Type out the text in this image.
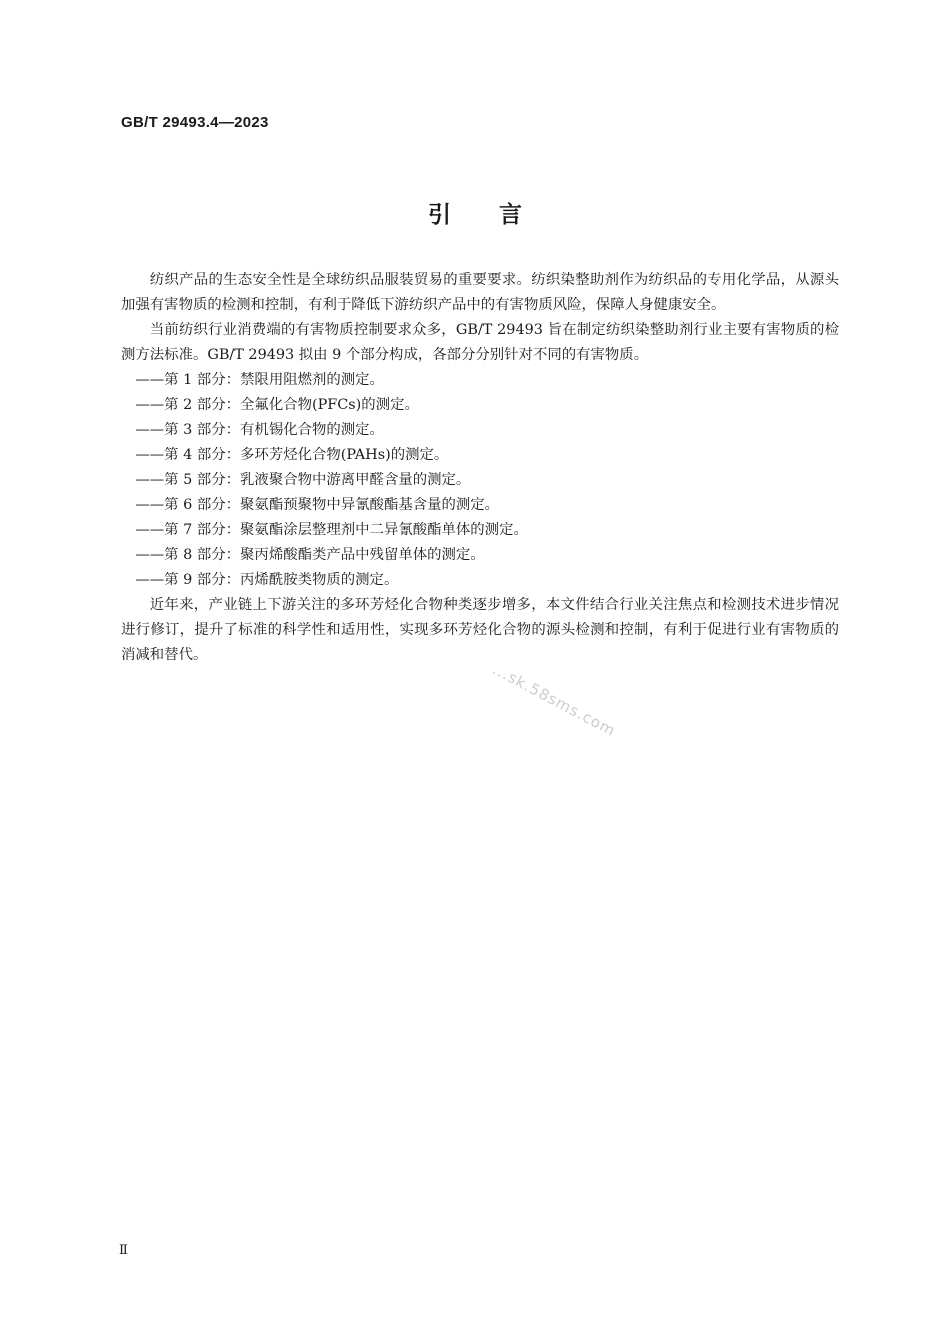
GB/T 29493.4—2023
引言

纺织产品的生态安全性是全球纺织品服装贸易的重要要求。纺织染整助剂作为纺织品的专用化学品，从源头加强有害物质的检测和控制，有利于降低下游纺织产品中的有害物质风险，保障人身健康安全。

当前纺织行业消费端的有害物质控制要求众多，GB/T 29493 旨在制定纺织染整助剂行业主要有害物质的检测方法标准。GB/T 29493 拟由 9 个部分构成，各部分分别针对不同的有害物质。

——第 1 部分：禁限用阻燃剂的测定。
——第 2 部分：全氟化合物(PFCs)的测定。
——第 3 部分：有机锡化合物的测定。
——第 4 部分：多环芳烃化合物(PAHs)的测定。
——第 5 部分：乳液聚合物中游离甲醛含量的测定。
——第 6 部分：聚氨酯预聚物中异氰酸酯基含量的测定。
——第 7 部分：聚氨酯涂层整理剂中二异氰酸酯单体的测定。
——第 8 部分：聚丙烯酸酯类产品中残留单体的测定。
——第 9 部分：丙烯酰胺类物质的测定。

近年来，产业链上下游关注的多环芳烃化合物种类逐步增多，本文件结合行业关注焦点和检测技术进步情况进行修订，提升了标准的科学性和适用性，实现多环芳烃化合物的源头检测和控制，有利于促进行业有害物质的消减和替代。

...sk.58sms.com
Ⅱ
